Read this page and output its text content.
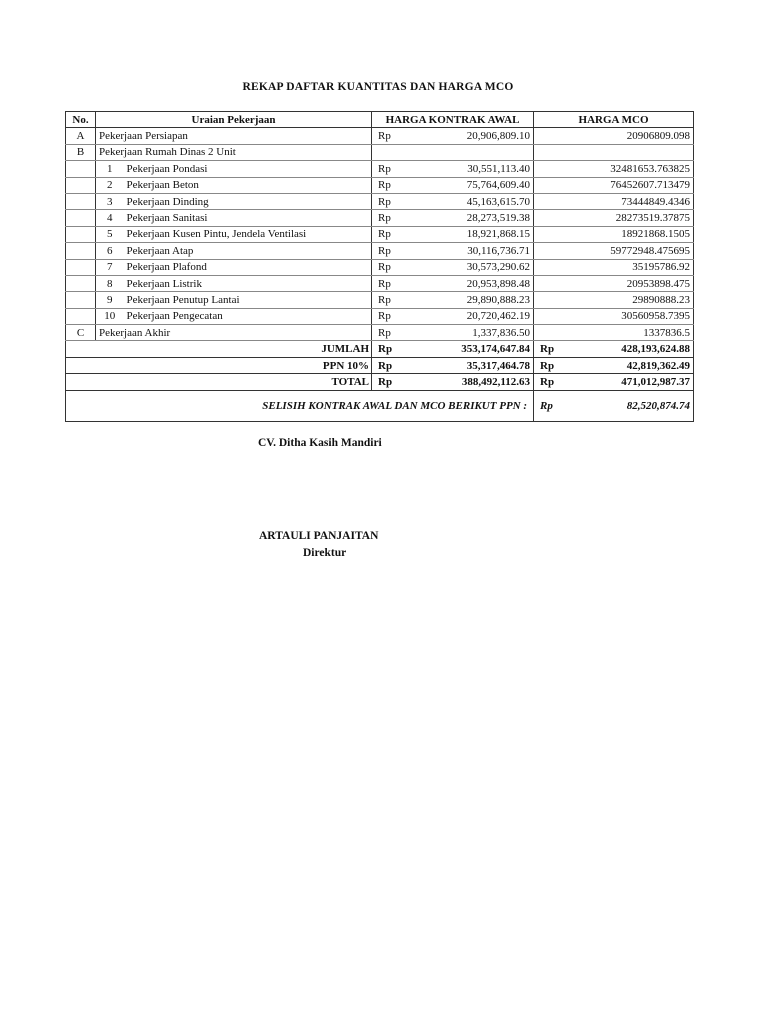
REKAP DAFTAR KUANTITAS DAN HARGA MCO
No.	Uraian Pekerjaan		HARGA KONTRAK AWAL		HARGA MCO
A	Pekerjaan Persiapan		Rp	20,906,809.10	20906809.098
B	Pekerjaan Rumah Dinas 2 Unit				
	1	Pekerjaan Pondasi	Rp	30,551,113.40	32481653.763825
	2	Pekerjaan Beton	Rp	75,764,609.40	76452607.713479
	3	Pekerjaan Dinding	Rp	45,163,615.70	73444849.4346
	4	Pekerjaan Sanitasi	Rp	28,273,519.38	28273519.37875
	5	Pekerjaan Kusen Pintu, Jendela Ventilasi	Rp	18,921,868.15	18921868.1505
	6	Pekerjaan Atap	Rp	30,116,736.71	59772948.475695
	7	Pekerjaan Plafond	Rp	30,573,290.62	35195786.92
	8	Pekerjaan Listrik	Rp	20,953,898.48	20953898.475
	9	Pekerjaan Penutup Lantai	Rp	29,890,888.23	29890888.23
	10	Pekerjaan Pengecatan	Rp	20,720,462.19	30560958.7395
C	Pekerjaan Akhir		Rp	1,337,836.50	1337836.5
JUMLAH			Rp	353,174,647.84	Rp 428,193,624.88
PPN 10%			Rp	35,317,464.78	Rp 42,819,362.49
TOTAL			Rp	388,492,112.63	Rp 471,012,987.37
SELISIH KONTRAK AWAL DAN MCO BERIKUT PPN :					Rp 82,520,874.74
CV. Ditha Kasih Mandiri
ARTAULI PANJAITAN
Direktur
